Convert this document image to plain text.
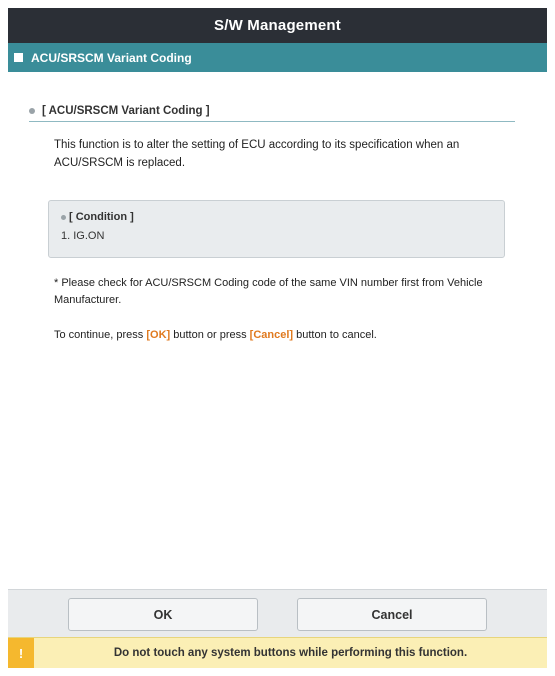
S/W Management
ACU/SRSCM Variant Coding
[ ACU/SRSCM Variant Coding ]

This function is to alter the setting of ECU according to its specification when an ACU/SRSCM is replaced.

[ Condition ]
1. IG.ON

* Please check for ACU/SRSCM Coding code of the same VIN number first from Vehicle Manufacturer.

To continue, press [OK] button or press [Cancel] button to cancel.

OK	Cancel
!	Do not touch any system buttons while performing this function.
